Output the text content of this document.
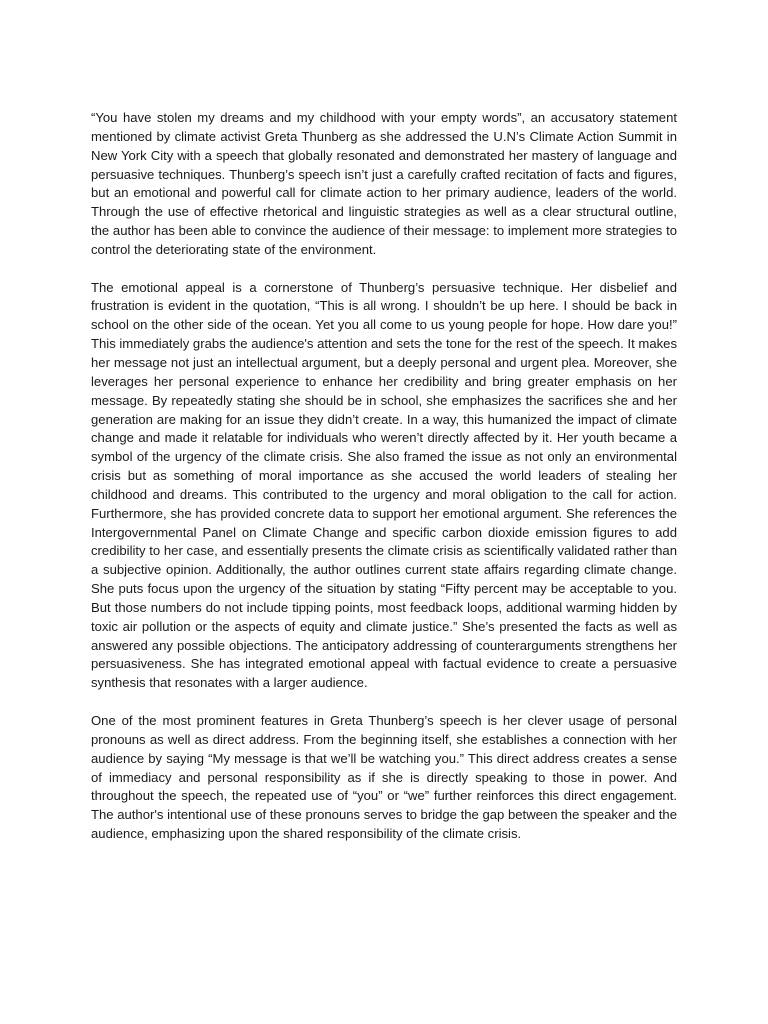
“You have stolen my dreams and my childhood with your empty words”, an accusatory statement mentioned by climate activist Greta Thunberg as she addressed the U.N’s Climate Action Summit in New York City with a speech that globally resonated and demonstrated her mastery of language and persuasive techniques. Thunberg’s speech isn’t just a carefully crafted recitation of facts and figures, but an emotional and powerful call for climate action to her primary audience, leaders of the world. Through the use of effective rhetorical and linguistic strategies as well as a clear structural outline, the author has been able to convince the audience of their message: to implement more strategies to control the deteriorating state of the environment.

The emotional appeal is a cornerstone of Thunberg’s persuasive technique. Her disbelief and frustration is evident in the quotation, “This is all wrong. I shouldn’t be up here. I should be back in school on the other side of the ocean. Yet you all come to us young people for hope. How dare you!” This immediately grabs the audience's attention and sets the tone for the rest of the speech. It makes her message not just an intellectual argument, but a deeply personal and urgent plea. Moreover, she leverages her personal experience to enhance her credibility and bring greater emphasis on her message. By repeatedly stating she should be in school, she emphasizes the sacrifices she and her generation are making for an issue they didn’t create. In a way, this humanized the impact of climate change and made it relatable for individuals who weren’t directly affected by it. Her youth became a symbol of the urgency of the climate crisis. She also framed the issue as not only an environmental crisis but as something of moral importance as she accused the world leaders of stealing her childhood and dreams. This contributed to the urgency and moral obligation to the call for action. Furthermore, she has provided concrete data to support her emotional argument. She references the Intergovernmental Panel on Climate Change and specific carbon dioxide emission figures to add credibility to her case, and essentially presents the climate crisis as scientifically validated rather than a subjective opinion. Additionally, the author outlines current state affairs regarding climate change. She puts focus upon the urgency of the situation by stating “Fifty percent may be acceptable to you. But those numbers do not include tipping points, most feedback loops, additional warming hidden by toxic air pollution or the aspects of equity and climate justice.” She’s presented the facts as well as answered any possible objections. The anticipatory addressing of counterarguments strengthens her persuasiveness. She has integrated emotional appeal with factual evidence to create a persuasive synthesis that resonates with a larger audience.

One of the most prominent features in Greta Thunberg’s speech is her clever usage of personal pronouns as well as direct address. From the beginning itself, she establishes a connection with her audience by saying “My message is that we’ll be watching you.” This direct address creates a sense of immediacy and personal responsibility as if she is directly speaking to those in power. And throughout the speech, the repeated use of “you” or “we” further reinforces this direct engagement. The author's intentional use of these pronouns serves to bridge the gap between the speaker and the audience, emphasizing upon the shared responsibility of the climate crisis.
